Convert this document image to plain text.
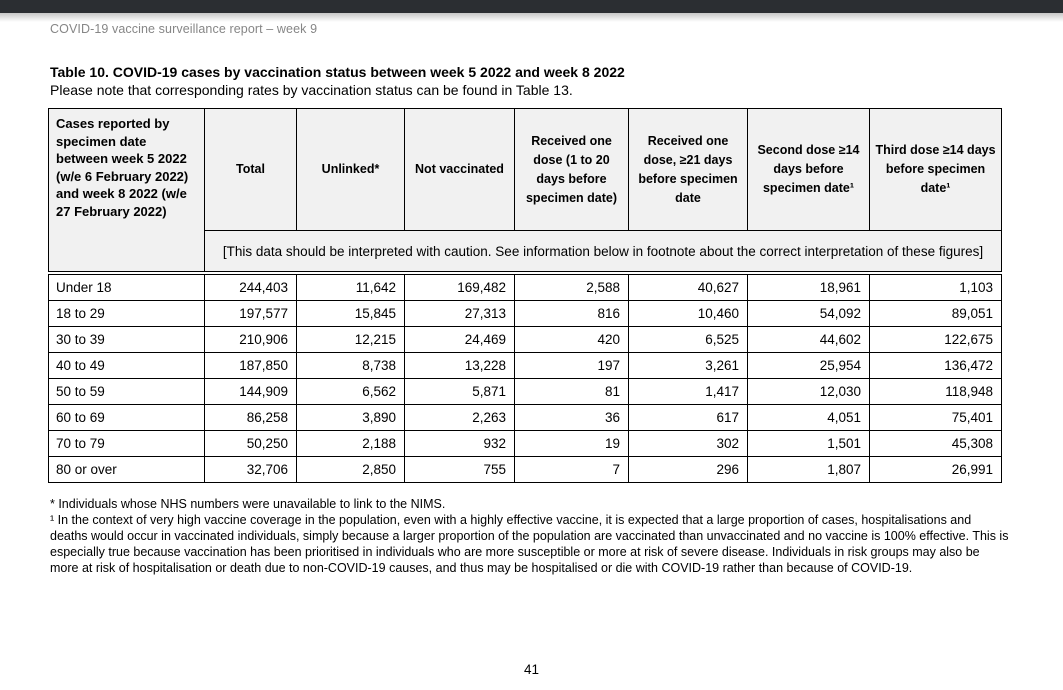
COVID-19 vaccine surveillance report – week 9
Table 10. COVID-19 cases by vaccination status between week 5 2022 and week 8 2022
Please note that corresponding rates by vaccination status can be found in Table 13.
Cases reported by specimen date between week 5 2022 (w/e 6 February 2022) and week 8 2022 (w/e 27 February 2022)	Total	Unlinked*	Not vaccinated	Received one dose (1 to 20 days before specimen date)	Received one dose, ≥21 days before specimen date	Second dose ≥14 days before specimen date¹	Third dose ≥14 days before specimen date¹
[This data should be interpreted with caution. See information below in footnote about the correct interpretation of these figures]
Under 18	244,403	11,642	169,482	2,588	40,627	18,961	1,103
18 to 29	197,577	15,845	27,313	816	10,460	54,092	89,051
30 to 39	210,906	12,215	24,469	420	6,525	44,602	122,675
40 to 49	187,850	8,738	13,228	197	3,261	25,954	136,472
50 to 59	144,909	6,562	5,871	81	1,417	12,030	118,948
60 to 69	86,258	3,890	2,263	36	617	4,051	75,401
70 to 79	50,250	2,188	932	19	302	1,501	45,308
80 or over	32,706	2,850	755	7	296	1,807	26,991

* Individuals whose NHS numbers were unavailable to link to the NIMS.

¹ In the context of very high vaccine coverage in the population, even with a highly effective vaccine, it is expected that a large proportion of cases, hospitalisations and deaths would occur in vaccinated individuals, simply because a larger proportion of the population are vaccinated than unvaccinated and no vaccine is 100% effective. This is especially true because vaccination has been prioritised in individuals who are more susceptible or more at risk of severe disease. Individuals in risk groups may also be more at risk of hospitalisation or death due to non-COVID-19 causes, and thus may be hospitalised or die with COVID-19 rather than because of COVID-19.

41
